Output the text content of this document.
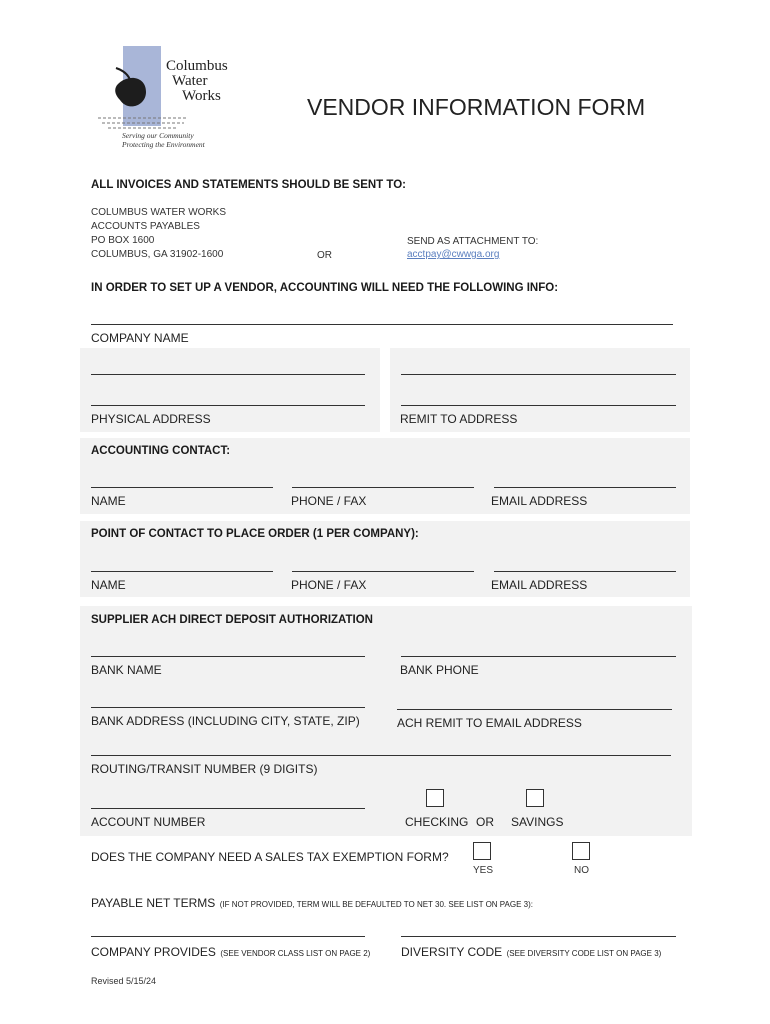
Columbus
Water
Works
Serving our Community
Protecting the Environment
VENDOR INFORMATION FORM
ALL INVOICES AND STATEMENTS SHOULD BE SENT TO:
COLUMBUS WATER WORKS
ACCOUNTS PAYABLES
PO BOX 1600
COLUMBUS, GA 31902-1600	OR
SEND AS ATTACHMENT TO:
acctpay@cwwga.org
IN ORDER TO SET UP A VENDOR, ACCOUNTING WILL NEED THE FOLLOWING INFO:
COMPANY NAME
PHYSICAL ADDRESS	REMIT TO ADDRESS
ACCOUNTING CONTACT:
NAME	PHONE / FAX	EMAIL ADDRESS
POINT OF CONTACT TO PLACE ORDER (1 PER COMPANY):
NAME	PHONE / FAX	EMAIL ADDRESS
SUPPLIER ACH DIRECT DEPOSIT AUTHORIZATION
BANK NAME	BANK PHONE
BANK ADDRESS (INCLUDING CITY, STATE, ZIP)	ACH REMIT TO EMAIL ADDRESS
ROUTING/TRANSIT NUMBER (9 DIGITS)
ACCOUNT NUMBER	CHECKING OR SAVINGS
DOES THE COMPANY NEED A SALES TAX EXEMPTION FORM?
YES	NO
PAYABLE NET TERMS (IF NOT PROVIDED, TERM WILL BE DEFAULTED TO NET 30. SEE LIST ON PAGE 3):
COMPANY PROVIDES (SEE VENDOR CLASS LIST ON PAGE 2)	DIVERSITY CODE (SEE DIVERSITY CODE LIST ON PAGE 3)
Revised 5/15/24
